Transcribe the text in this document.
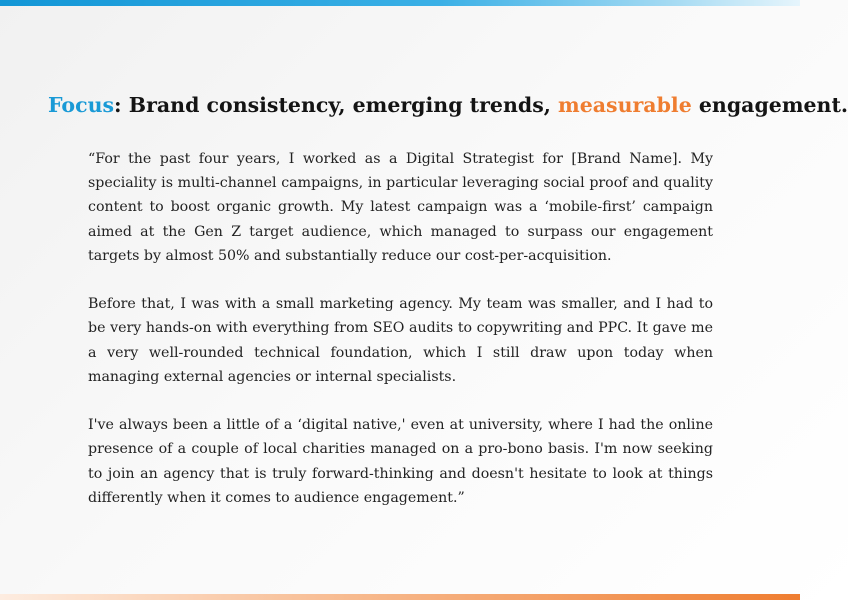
Focus: Brand consistency, emerging trends, measurable engagement.

“For the past four years, I worked as a Digital Strategist for [Brand Name]. My speciality is multi-channel campaigns, in particular leveraging social proof and quality content to boost organic growth. My latest campaign was a ‘mobile-first’ campaign aimed at the Gen Z target audience, which managed to surpass our engagement targets by almost 50% and substantially reduce our cost-per-acquisition.

Before that, I was with a small marketing agency. My team was smaller, and I had to be very hands-on with everything from SEO audits to copywriting and PPC. It gave me a very well-rounded technical foundation, which I still draw upon today when managing external agencies or internal specialists.

I've always been a little of a ‘digital native,' even at university, where I had the online presence of a couple of local charities managed on a pro-bono basis. I'm now seeking to join an agency that is truly forward-thinking and doesn't hesitate to look at things differently when it comes to audience engagement.”
